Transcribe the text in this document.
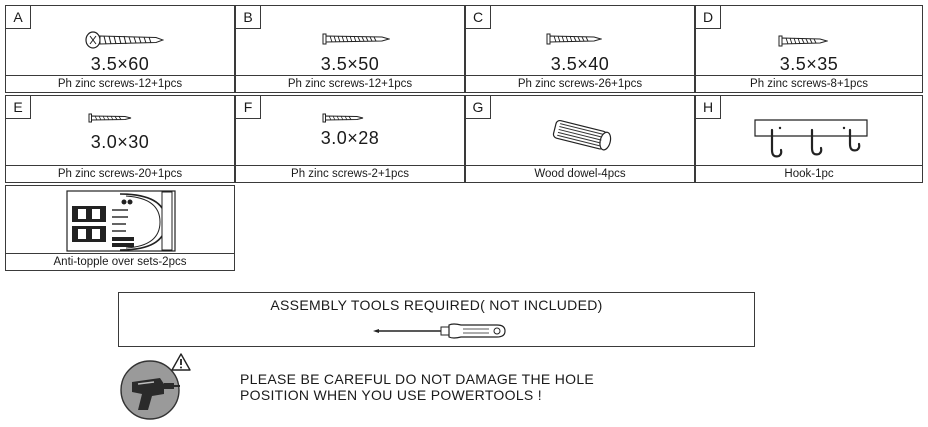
A
3.5×60
Ph zinc screws-12+1pcs
B
3.5×50
Ph zinc screws-12+1pcs
C
3.5×40
Ph zinc screws-26+1pcs
D
3.5×35
Ph zinc screws-8+1pcs
E
3.0×30
Ph zinc screws-20+1pcs
F
3.0×28
Ph zinc screws-2+1pcs
G
Wood dowel-4pcs
H
Hook-1pc
Anti-topple over sets-2pcs
ASSEMBLY TOOLS REQUIRED( NOT INCLUDED)
PLEASE BE CAREFUL DO NOT DAMAGE THE HOLE
POSITION WHEN YOU USE POWERTOOLS !
